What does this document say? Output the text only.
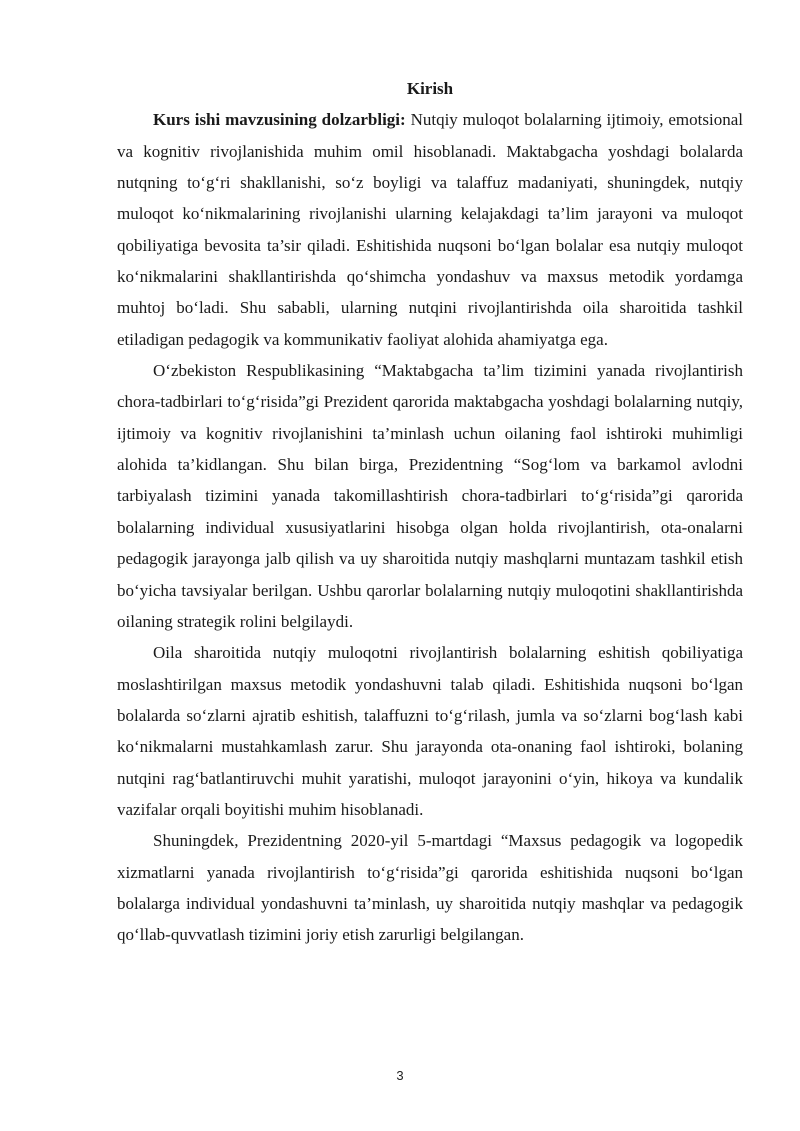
Kirish

Kurs ishi mavzusining dolzarbligi: Nutqiy muloqot bolalarning ijtimoiy, emotsional va kognitiv rivojlanishida muhim omil hisoblanadi. Maktabgacha yoshdagi bolalarda nutqning to‘g‘ri shakllanishi, so‘z boyligi va talaffuz madaniyati, shuningdek, nutqiy muloqot ko‘nikmalarining rivojlanishi ularning kelajakdagi ta’lim jarayoni va muloqot qobiliyatiga bevosita ta’sir qiladi. Eshitishida nuqsoni bo‘lgan bolalar esa nutqiy muloqot ko‘nikmalarini shakllantirishda qo‘shimcha yondashuv va maxsus metodik yordamga muhtoj bo‘ladi. Shu sababli, ularning nutqini rivojlantirishda oila sharoitida tashkil etiladigan pedagogik va kommunikativ faoliyat alohida ahamiyatga ega.

O‘zbekiston Respublikasining “Maktabgacha ta’lim tizimini yanada rivojlantirish chora-tadbirlari to‘g‘risida”gi Prezident qarorida maktabgacha yoshdagi bolalarning nutqiy, ijtimoiy va kognitiv rivojlanishini ta’minlash uchun oilaning faol ishtiroki muhimligi alohida ta’kidlangan. Shu bilan birga, Prezidentning “Sog‘lom va barkamol avlodni tarbiyalash tizimini yanada takomillashtirish chora-tadbirlari to‘g‘risida”gi qarorida bolalarning individual xususiyatlarini hisobga olgan holda rivojlantirish, ota-onalarni pedagogik jarayonga jalb qilish va uy sharoitida nutqiy mashqlarni muntazam tashkil etish bo‘yicha tavsiyalar berilgan. Ushbu qarorlar bolalarning nutqiy muloqotini shakllantirishda oilaning strategik rolini belgilaydi.

Oila sharoitida nutqiy muloqotni rivojlantirish bolalarning eshitish qobiliyatiga moslashtirilgan maxsus metodik yondashuvni talab qiladi. Eshitishida nuqsoni bo‘lgan bolalarda so‘zlarni ajratib eshitish, talaffuzni to‘g‘rilash, jumla va so‘zlarni bog‘lash kabi ko‘nikmalarni mustahkamlash zarur. Shu jarayonda ota-onaning faol ishtiroki, bolaning nutqini rag‘batlantiruvchi muhit yaratishi, muloqot jarayonini o‘yin, hikoya va kundalik vazifalar orqali boyitishi muhim hisoblanadi.

Shuningdek, Prezidentning 2020-yil 5-martdagi “Maxsus pedagogik va logopedik xizmatlarni yanada rivojlantirish to‘g‘risida”gi qarorida eshitishida nuqsoni bo‘lgan bolalarga individual yondashuvni ta’minlash, uy sharoitida nutqiy mashqlar va pedagogik qo‘llab-quvvatlash tizimini joriy etish zarurligi belgilangan.

3
